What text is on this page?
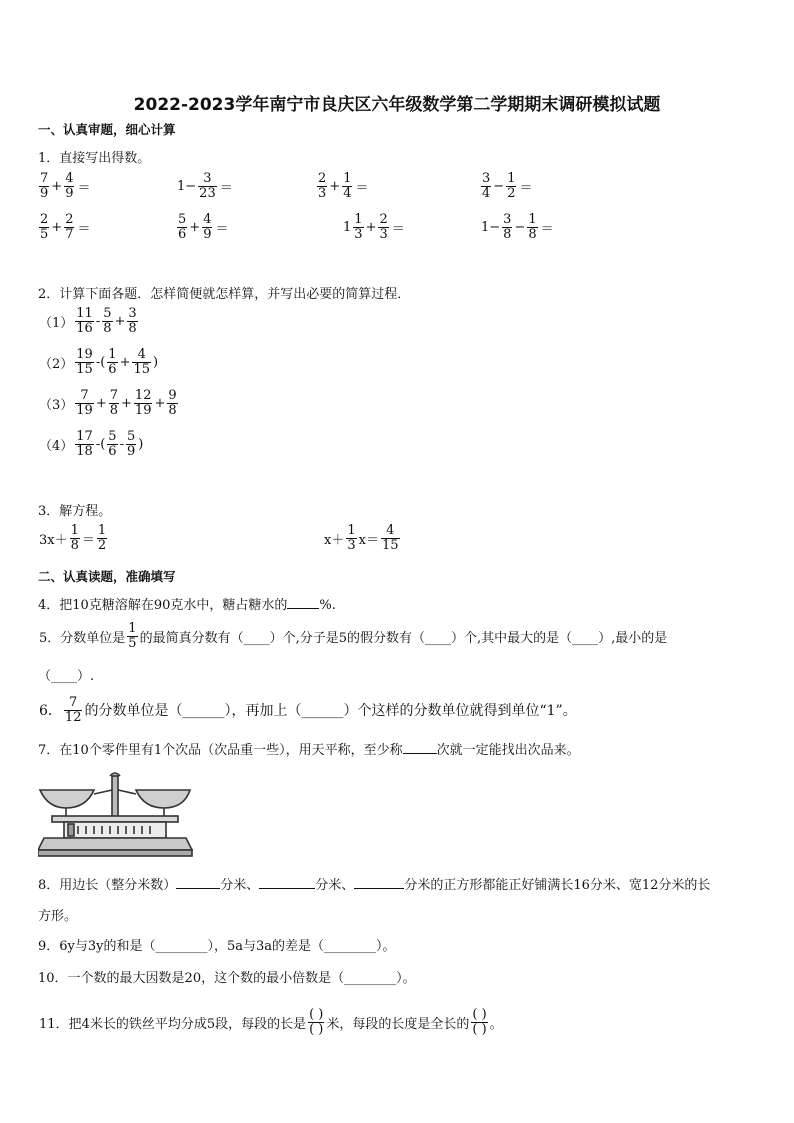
2022-2023学年南宁市良庆区六年级数学第二学期期末调研模拟试题
一、认真审题，细心计算
1．直接写出得数。
$\frac{7}{9} + \frac{4}{9}$ ＝	$1- \frac{3}{23}$ ＝	$\frac{2}{3} + \frac{1}{4}$ ＝	$\frac{3}{4} - \frac{1}{2}$ ＝
$\frac{2}{5} + \frac{2}{7}$ ＝	$\frac{5}{6} + \frac{4}{9}$ ＝	$1 \frac{1}{3} + \frac{2}{3}$ ＝	$1- \frac{3}{8} - \frac{1}{8}$ ＝
2．计算下面各题．怎样简便就怎样算，并写出必要的简算过程．
$(1) \frac{11}{16} - \frac{5}{8} + \frac{3}{8}$
$(2) \frac{19}{15}$ -( $\frac{1}{6} + \frac{4}{15}$ )
$(3) \frac{7}{19} + \frac{7}{8} + \frac{12}{19} + \frac{9}{8}$
$(4) \frac{17}{18}$ -( $\frac{5}{6} - \frac{5}{9}$ )
3．解方程。
$3x+ \frac{1}{8} = \frac{1}{2}$	$x+ \frac{1}{3} x= \frac{4}{15}$
二、认真读题，准确填写
4．把10克糖溶解在90克水中，糖占糖水的 %.
5．分数单位是 $\frac{1}{5}$ 的最简真分数有（____）个,分子是5的假分数有（____）个,其中最大的是（____）,最小的是
（____）.
6． $\frac{7}{12}$ 的分数单位是（______），再加上（______）个这样的分数单位就得到单位“1”。
7．在10个零件里有1个次品（次品重一些），用天平称，至少称	次就一定能找出次品来。
8．用边长（整分米数）	分米、	分米、	分米的正方形都能正好铺满长16分米、宽12分米的长
方形。
9．6y与3y的和是（________），5a与3a的差是（________）。
10．一个数的最大因数是20，这个数的最小倍数是（________）。
11．把4米长的铁丝平均分成5段，每段的长是 $\frac{( )}{( )}$ 米，每段的长度是全长的 $\frac{( )}{( )}$ 。
